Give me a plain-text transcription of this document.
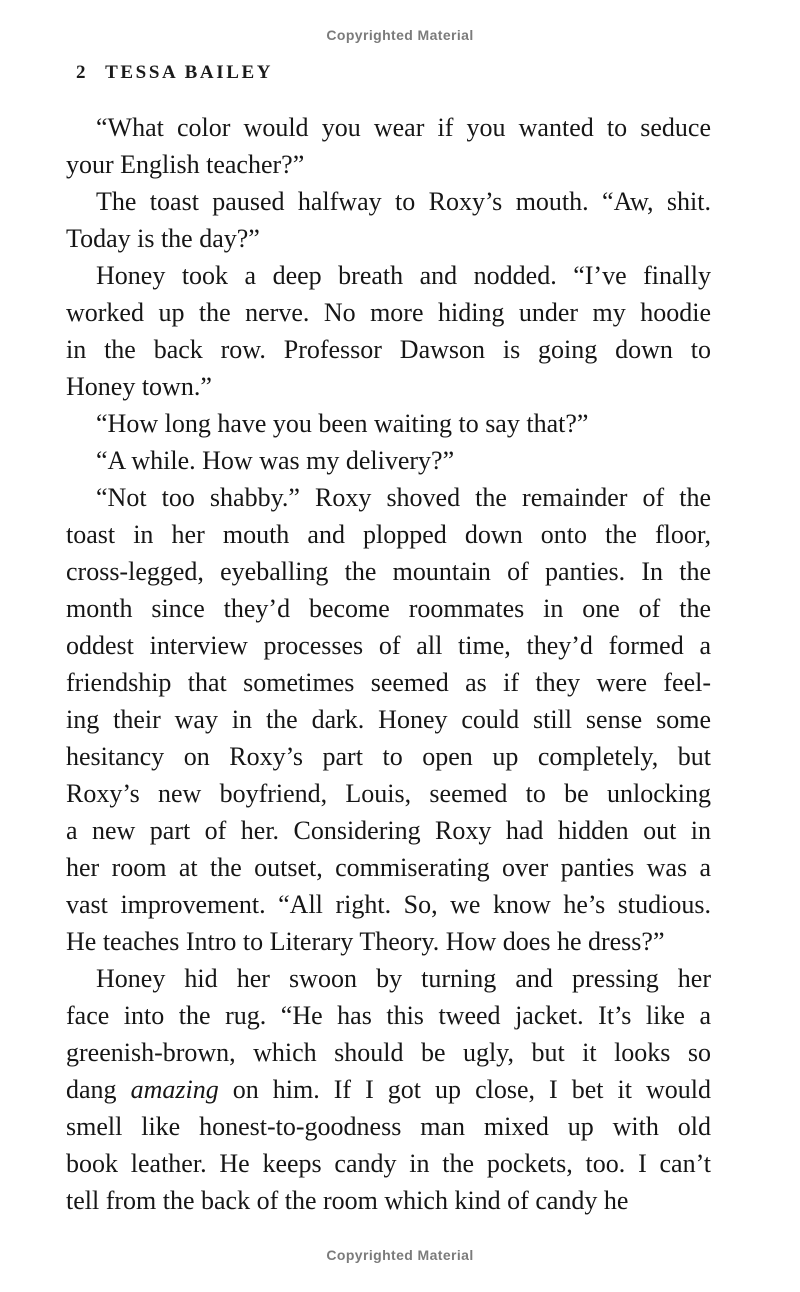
Copyrighted Material
2 TESSA BAILEY
“What color would you wear if you wanted to seduce
your English teacher?”
The toast paused halfway to Roxy’s mouth. “Aw, shit.
Today is the day?”
Honey took a deep breath and nodded. “I’ve finally
worked up the nerve. No more hiding under my hoodie
in the back row. Professor Dawson is going down to
Honey town.”
“How long have you been waiting to say that?”
“A while. How was my delivery?”
“Not too shabby.” Roxy shoved the remainder of the
toast in her mouth and plopped down onto the floor,
cross-legged, eyeballing the mountain of panties. In the
month since they’d become roommates in one of the
oddest interview processes of all time, they’d formed a
friendship that sometimes seemed as if they were feel-
ing their way in the dark. Honey could still sense some
hesitancy on Roxy’s part to open up completely, but
Roxy’s new boyfriend, Louis, seemed to be unlocking
a new part of her. Considering Roxy had hidden out in
her room at the outset, commiserating over panties was a
vast improvement. “All right. So, we know he’s studious.
He teaches Intro to Literary Theory. How does he dress?”
Honey hid her swoon by turning and pressing her
face into the rug. “He has this tweed jacket. It’s like a
greenish-brown, which should be ugly, but it looks so
dang amazing on him. If I got up close, I bet it would
smell like honest-to-goodness man mixed up with old
book leather. He keeps candy in the pockets, too. I can’t
tell from the back of the room which kind of candy he
Copyrighted Material
